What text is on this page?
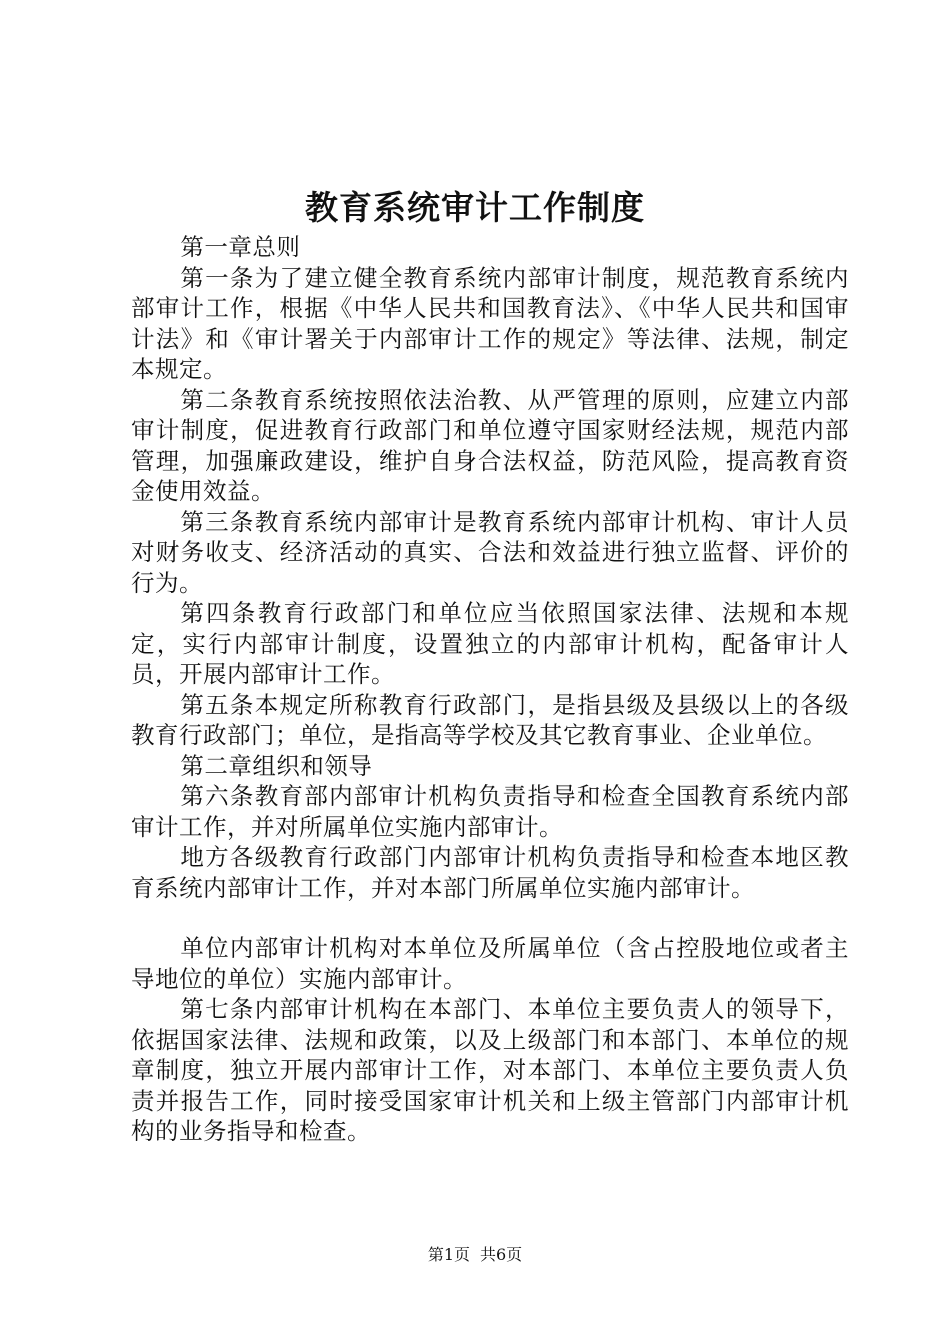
教育系统审计工作制度

第一章总则

第一条为了建立健全教育系统内部审计制度，规范教育系统内部审计工作，根据《中华人民共和国教育法》、《中华人民共和国审计法》和《审计署关于内部审计工作的规定》等法律、法规，制定本规定。

第二条教育系统按照依法治教、从严管理的原则，应建立内部审计制度，促进教育行政部门和单位遵守国家财经法规，规范内部管理，加强廉政建设，维护自身合法权益，防范风险，提高教育资金使用效益。

第三条教育系统内部审计是教育系统内部审计机构、审计人员对财务收支、经济活动的真实、合法和效益进行独立监督、评价的行为。

第四条教育行政部门和单位应当依照国家法律、法规和本规定，实行内部审计制度，设置独立的内部审计机构，配备审计人员，开展内部审计工作。

第五条本规定所称教育行政部门，是指县级及县级以上的各级教育行政部门；单位，是指高等学校及其它教育事业、企业单位。

第二章组织和领导

第六条教育部内部审计机构负责指导和检查全国教育系统内部审计工作，并对所属单位实施内部审计。

地方各级教育行政部门内部审计机构负责指导和检查本地区教育系统内部审计工作，并对本部门所属单位实施内部审计。

单位内部审计机构对本单位及所属单位（含占控股地位或者主导地位的单位）实施内部审计。

第七条内部审计机构在本部门、本单位主要负责人的领导下，依据国家法律、法规和政策，以及上级部门和本部门、本单位的规章制度，独立开展内部审计工作，对本部门、本单位主要负责人负责并报告工作，同时接受国家审计机关和上级主管部门内部审计机构的业务指导和检查。

第1页 共6页
